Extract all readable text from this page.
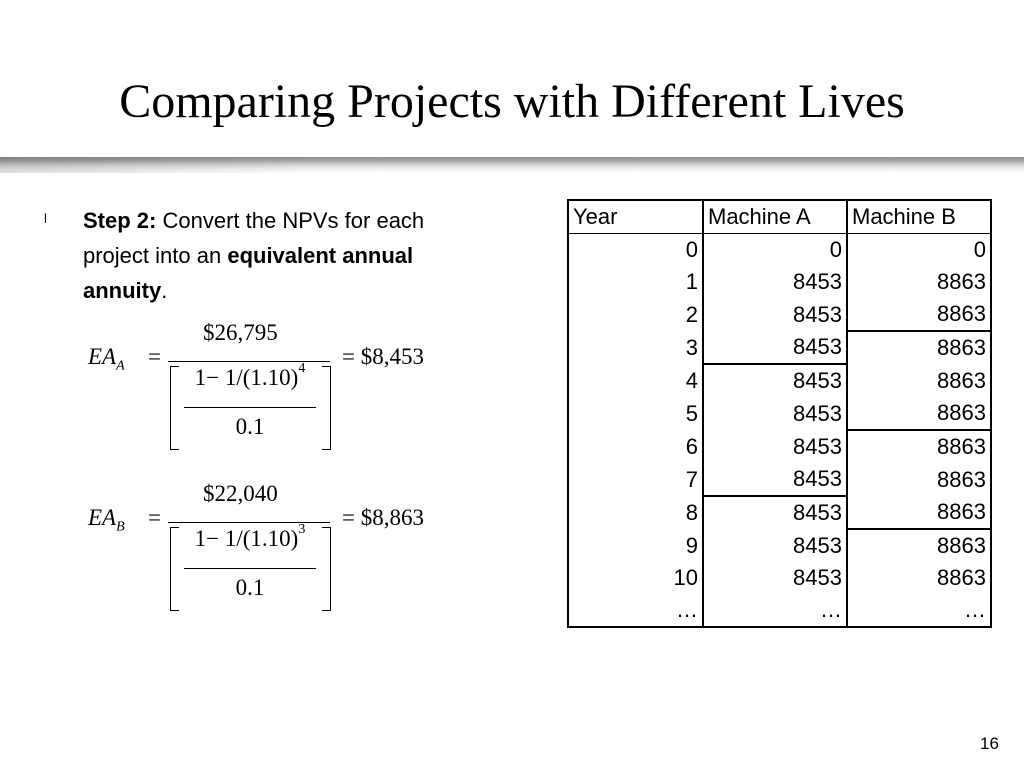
Comparing Projects with Different Lives
l Step 2: Convert the NPVs for each project into an equivalent annual annuity.
$EA_A$ =
$26,795
$1- 1/(1.10)^4$
0.1
= $8,453
$EA_B$ =
$22,040
$1- 1/(1.10)^3$
0.1
= $8,863
Year	Machine A	Machine B
0	0	0
1	8453	8863
2	8453	8863
3	8453	8863
4	8453	8863
5	8453	8863
6	8453	8863
7	8453	8863
8	8453	8863
9	8453	8863
10	8453	8863
…	…	…
16
